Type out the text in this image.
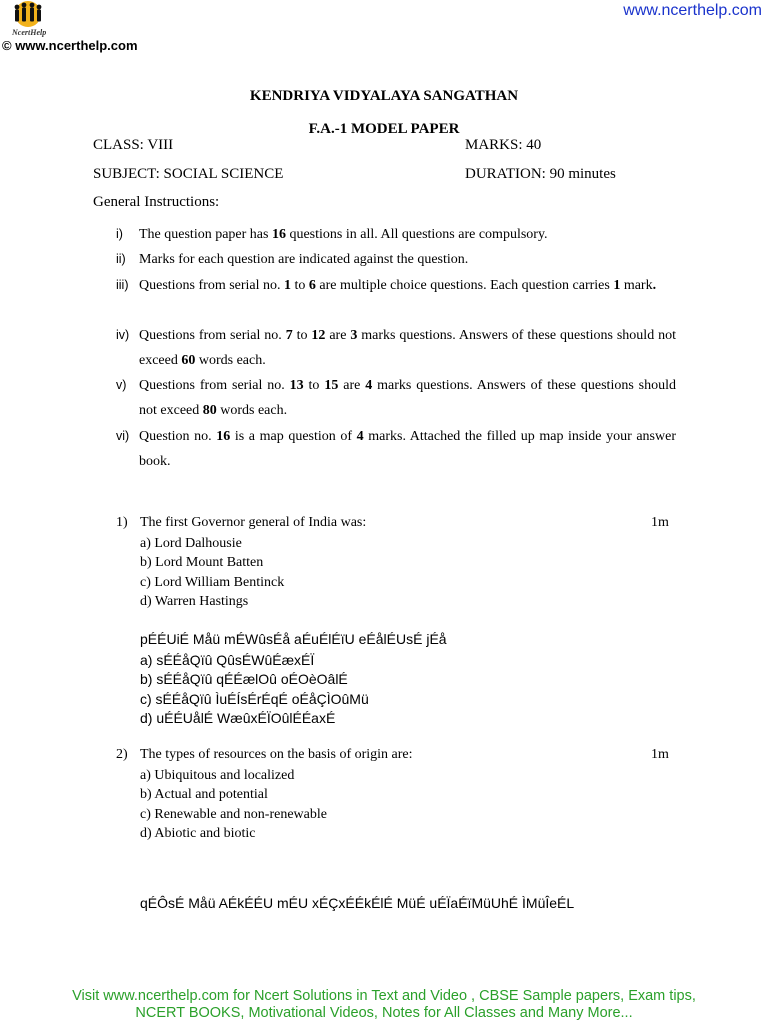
NcertHelp
© www.ncerthelp.com
www.ncerthelp.com
KENDRIYA VIDYALAYA SANGATHAN
F.A.-1 MODEL PAPER
CLASS: VIII	MARKS: 40
SUBJECT: SOCIAL SCIENCE	DURATION: 90 minutes
General Instructions:
i)	The question paper has 16 questions in all. All questions are compulsory.
ii) Marks for each question are indicated against the question.
iii) Questions from serial no. 1 to 6 are multiple choice questions. Each question carries 1 mark.
iv) Questions from serial no. 7 to 12 are 3 marks questions. Answers of these questions should not exceed 60 words each.
v) Questions from serial no. 13 to 15 are 4 marks questions. Answers of these questions should not exceed 80 words each.
vi) Question no. 16 is a map question of 4 marks. Attached the filled up map inside your answer book.
1) The first Governor general of India was:	1m
a) Lord Dalhousie
b) Lord Mount Batten
c) Lord William Bentinck
d) Warren Hastings
pÉÉUiÉ Måü mÉWûsÉå aÉuÉlÉïU eÉålÉUsÉ jÉå
a) sÉÉåQïû QûsÉWûÉæxÉÏ
b) sÉÉåQïû qÉÉælOû oÉOèOâlÉ
c) sÉÉåQïû ÌuÉÍsÉrÉqÉ oÉåÇÌOûMü
d) uÉÉUålÉ WæûxÉÏOûlÉÉaxÉ
2) The types of resources on the basis of origin are:	1m
a) Ubiquitous and localized
b) Actual and potential
c) Renewable and non-renewable
d) Abiotic and biotic
qÉÔsÉ Måü AÉkÉÉU mÉU xÉÇxÉÉkÉlÉ MüÉ uÉÏaÉïMüUhÉ ÌMüÎeÉL
Visit www.ncerthelp.com for Ncert Solutions in Text and Video , CBSE Sample papers, Exam tips,
NCERT BOOKS, Motivational Videos, Notes for All Classes and Many More...
